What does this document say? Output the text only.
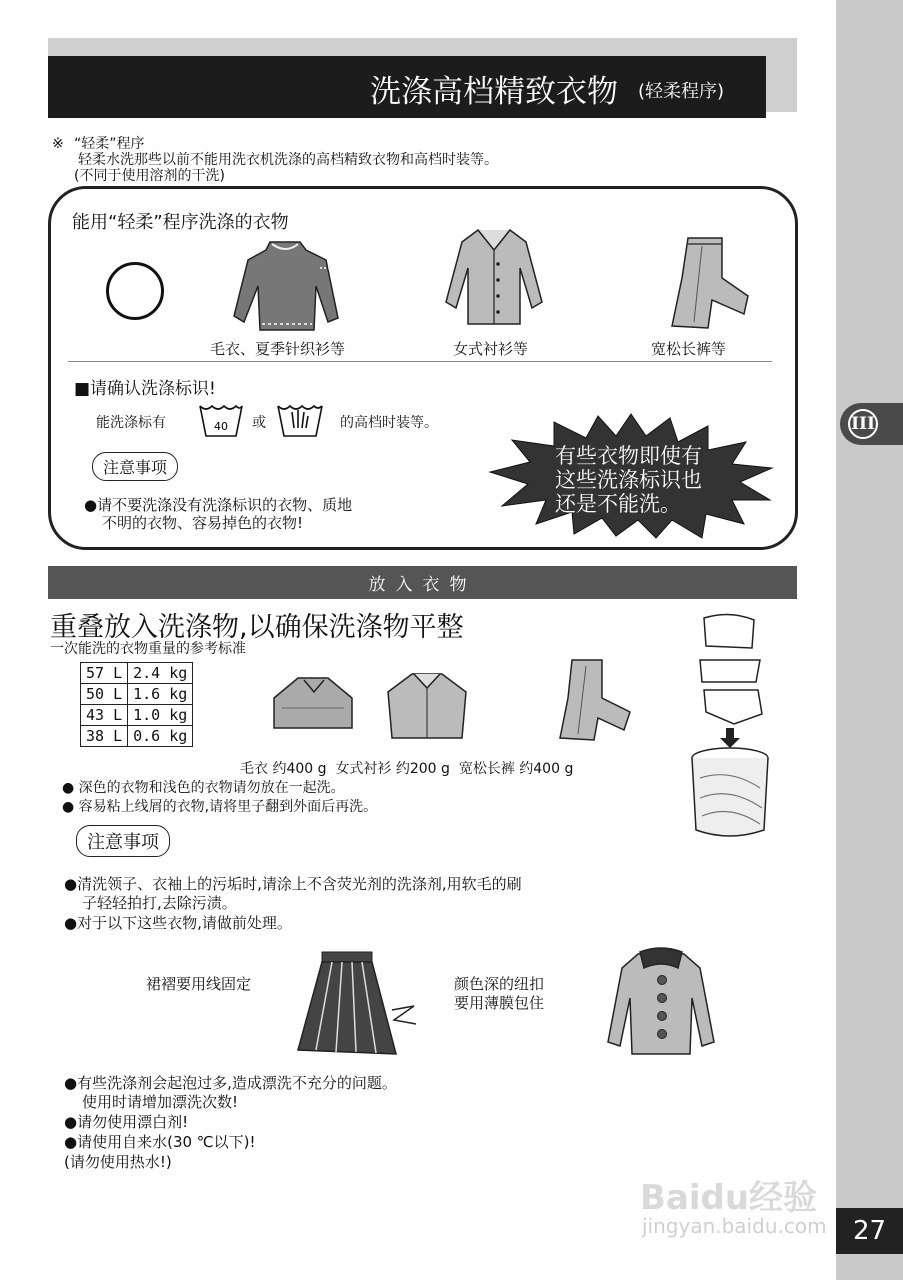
III
27
洗涤高档精致衣物 (轻柔程序)
※ “轻柔”程序
轻柔水洗那些以前不能用洗衣机洗涤的高档精致衣物和高档时装等。
(不同于使用溶剂的干洗)
能用“轻柔”程序洗涤的衣物
毛衣、夏季针织衫等	女式衬衫等	宽松长裤等
■请确认洗涤标识!
能洗涤标有	40 或	的高档时装等。
注意事项
●请不要洗涤没有洗涤标识的衣物、质地
不明的衣物、容易掉色的衣物!
有些衣物即使有
这些洗涤标识也
还是不能洗。
放入衣物
重叠放入洗涤物,以确保洗涤物平整
一次能洗的衣物重量的参考标准
57 L	2.4 kg
50 L	1.6 kg
43 L	1.0 kg
38 L	0.6 kg
毛衣 约400 g  女式衬衫 约200 g  宽松长裤 约400 g
● 深色的衣物和浅色的衣物请勿放在一起洗。
● 容易粘上线屑的衣物,请将里子翻到外面后再洗。
注意事项
●清洗领子、衣袖上的污垢时,请涂上不含荧光剂的洗涤剂,用软毛的刷
子轻轻拍打,去除污渍。
●对于以下这些衣物,请做前处理。
裙褶要用线固定	颜色深的纽扣
要用薄膜包住
●有些洗涤剂会起泡过多,造成漂洗不充分的问题。
使用时请增加漂洗次数!
●请勿使用漂白剂!
●请使用自来水(30 ℃以下)!
(请勿使用热水!)
Baidu经验
jingyan.baidu.com
